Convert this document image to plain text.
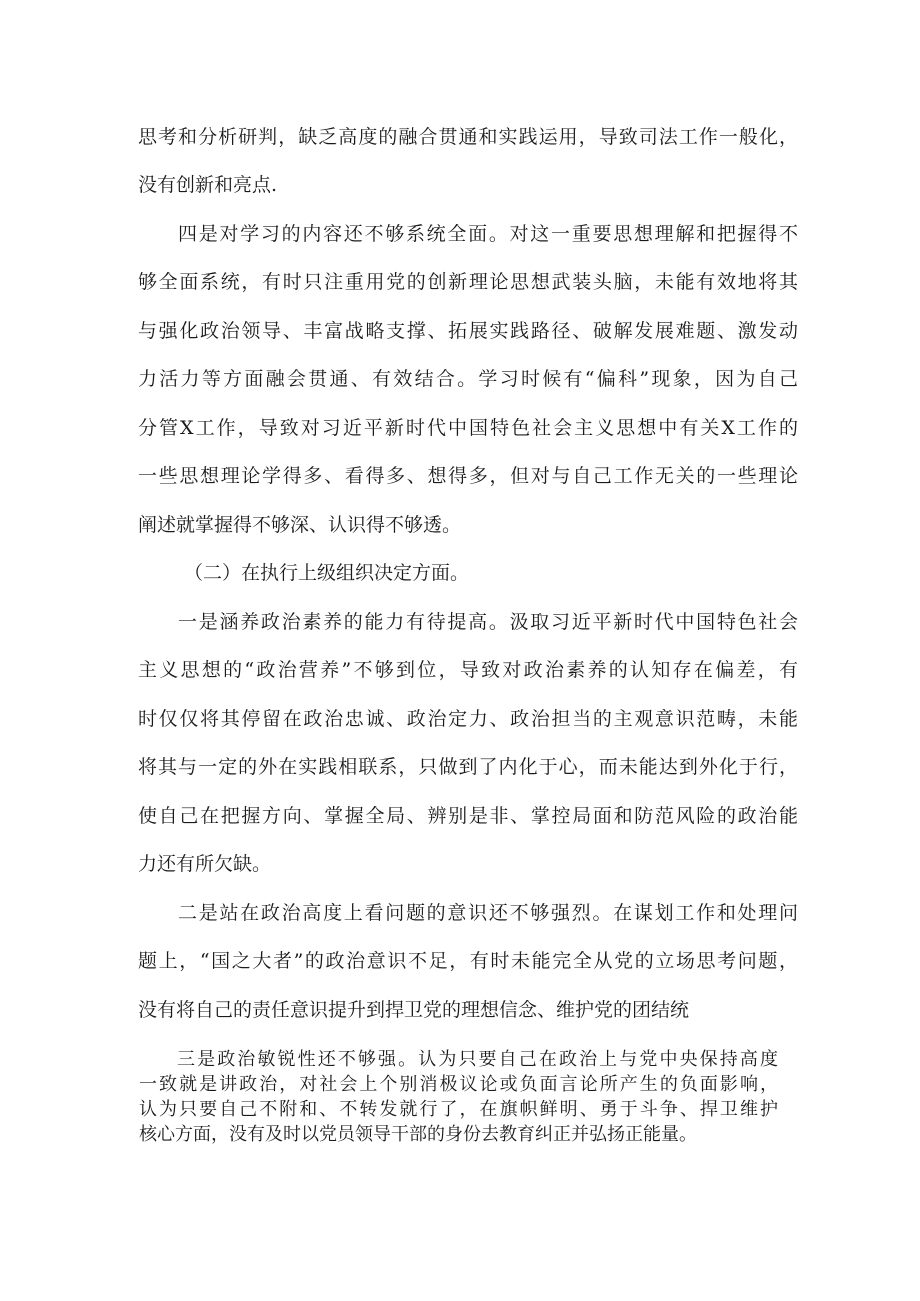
思考和分析研判，缺乏高度的融合贯通和实践运用，导致司法工作一般化，

没有创新和亮点.

四是对学习的内容还不够系统全面。对这一重要思想理解和把握得不

够全面系统，有时只注重用党的创新理论思想武装头脑，未能有效地将其

与强化政治领导、丰富战略支撑、拓展实践路径、破解发展难题、激发动

力活力等方面融会贯通、有效结合。学习时候有“偏科”现象，因为自己

分管X工作，导致对习近平新时代中国特色社会主义思想中有关X工作的

一些思想理论学得多、看得多、想得多，但对与自己工作无关的一些理论

阐述就掌握得不够深、认识得不够透。

（二）在执行上级组织决定方面。

一是涵养政治素养的能力有待提高。汲取习近平新时代中国特色社会

主义思想的“政治营养”不够到位，导致对政治素养的认知存在偏差，有

时仅仅将其停留在政治忠诚、政治定力、政治担当的主观意识范畴，未能

将其与一定的外在实践相联系，只做到了内化于心，而未能达到外化于行，

使自己在把握方向、掌握全局、辨别是非、掌控局面和防范风险的政治能

力还有所欠缺。

二是站在政治高度上看问题的意识还不够强烈。在谋划工作和处理问

题上，“国之大者”的政治意识不足，有时未能完全从党的立场思考问题，

没有将自己的责任意识提升到捍卫党的理想信念、维护党的团结统

三是政治敏锐性还不够强。认为只要自己在政治上与党中央保持高度

一致就是讲政治，对社会上个别消极议论或负面言论所产生的负面影响，

认为只要自己不附和、不转发就行了，在旗帜鲜明、勇于斗争、捍卫维护

核心方面，没有及时以党员领导干部的身份去教育纠正并弘扬正能量。
